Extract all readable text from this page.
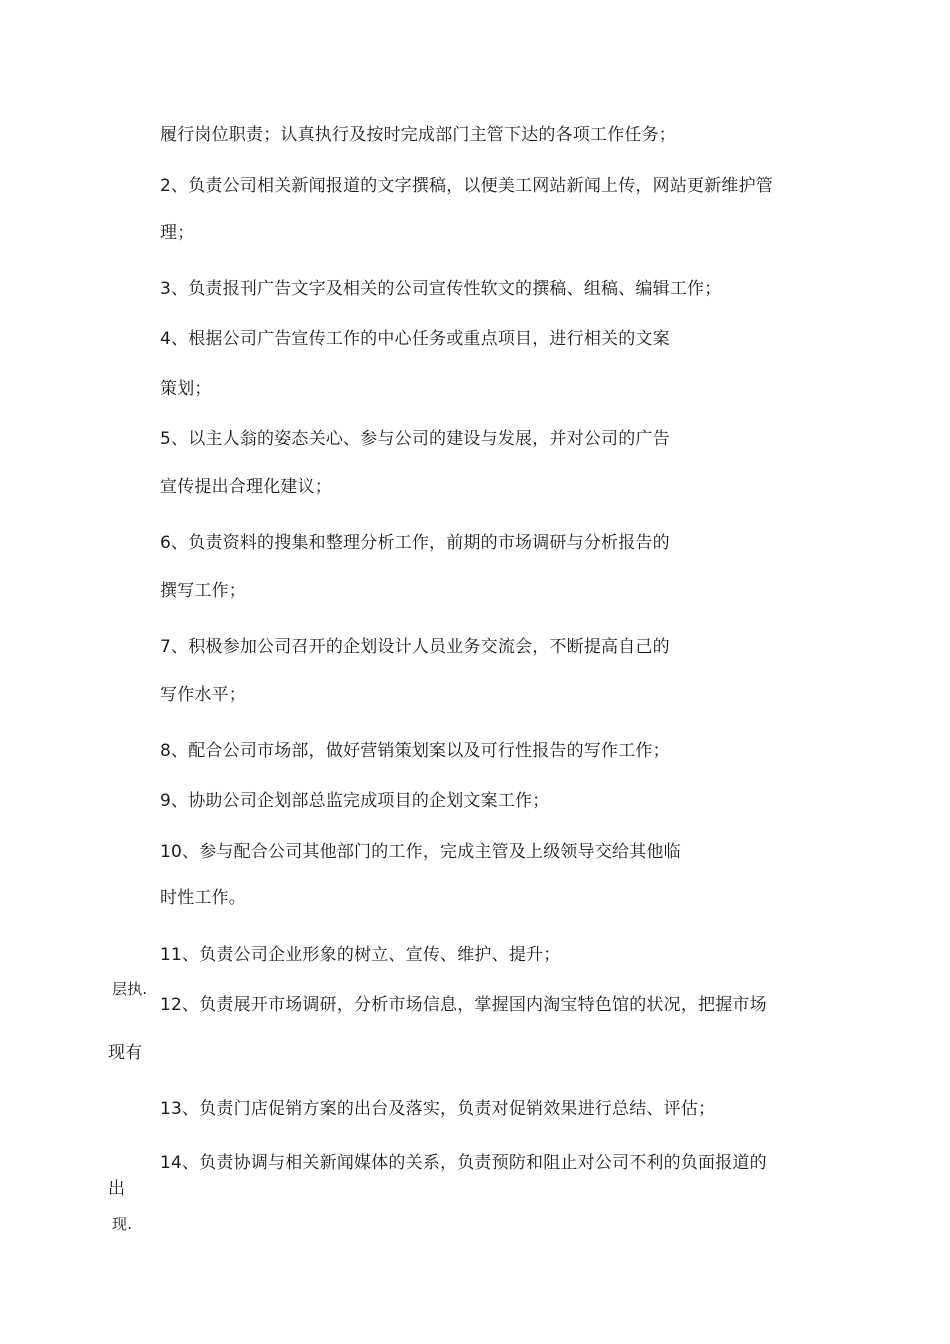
履行岗位职责；认真执行及按时完成部门主管下达的各项工作任务；
2、负责公司相关新闻报道的文字撰稿，以便美工网站新闻上传，网站更新维护管
理；
3、负责报刊广告文字及相关的公司宣传性软文的撰稿、组稿、编辑工作；
4、根据公司广告宣传工作的中心任务或重点项目，进行相关的文案
策划；
5、以主人翁的姿态关心、参与公司的建设与发展，并对公司的广告
宣传提出合理化建议；
6、负责资料的搜集和整理分析工作，前期的市场调研与分析报告的
撰写工作；
7、积极参加公司召开的企划设计人员业务交流会，不断提高自己的
写作水平；
8、配合公司市场部，做好营销策划案以及可行性报告的写作工作；
9、协助公司企划部总监完成项目的企划文案工作；
10、参与配合公司其他部门的工作，完成主管及上级领导交给其他临
时性工作。
11、负责公司企业形象的树立、宣传、维护、提升；
层执.
12、负责展开市场调研，分析市场信息，掌握国内淘宝特色馆的状况，把握市场
现有
13、负责门店促销方案的出台及落实，负责对促销效果进行总结、评估；
14、负责协调与相关新闻媒体的关系，负责预防和阻止对公司不利的负面报道的
出
现.
